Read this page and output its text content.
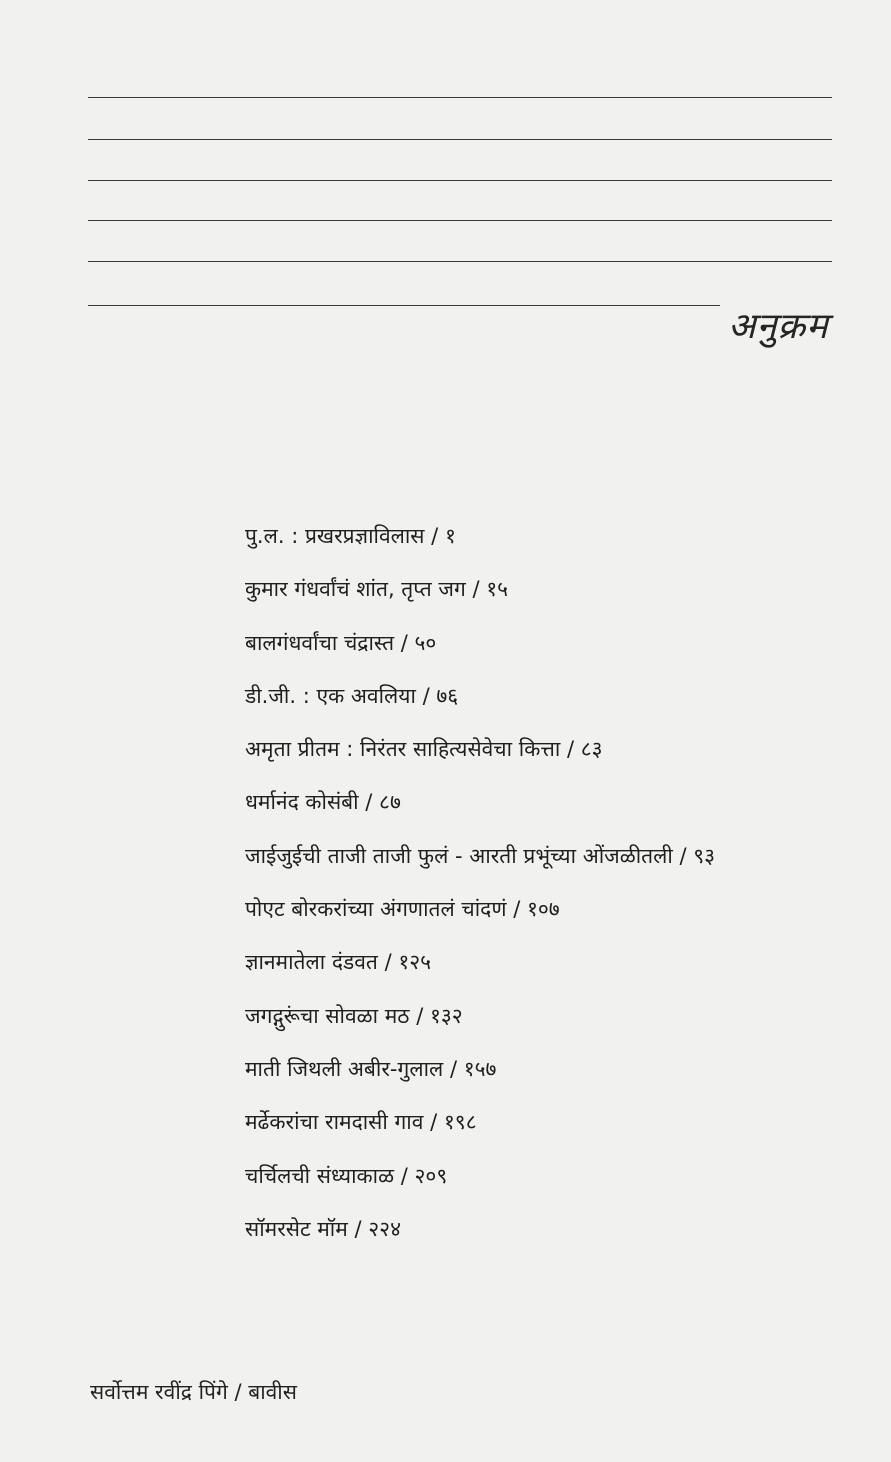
अनुक्रम
पु.ल. : प्रखरप्रज्ञाविलास / १
कुमार गंधर्वांचं शांत, तृप्त जग / १५
बालगंधर्वांचा चंद्रास्त / ५०
डी.जी. : एक अवलिया / ७६
अमृता प्रीतम : निरंतर साहित्यसेवेचा कित्ता / ८३
धर्मानंद कोसंबी / ८७
जाईजुईची ताजी ताजी फुलं - आरती प्रभूंच्या ओंजळीतली / ९३
पोएट बोरकरांच्या अंगणातलं चांदणं / १०७
ज्ञानमातेला दंडवत / १२५
जगद्गुरूंचा सोवळा मठ / १३२
माती जिथली अबीर-गुलाल / १५७
मर्ढेकरांचा रामदासी गाव / १९८
चर्चिलची संध्याकाळ / २०९
सॉमरसेट मॉम / २२४
सर्वोत्तम रवींद्र पिंगे / बावीस
